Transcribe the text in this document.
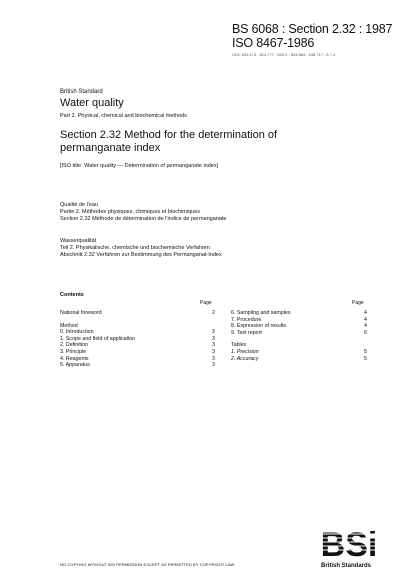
BS 6068 : Section 2.32 : 1987
ISO 8467-1986
UDC 628.1/.3 : 614.777 : 543.3 : 543.864 : 546.717 : 5.?.4
British Standard
Water quality
Part 2. Physical, chemical and biochemical methods
Section 2.32 Method for the determination of
permanganate index
[ISO title: Water quality — Determination of permanganate index]
Qualité de l'eau
Partie 2. Méthodes physiques, chimiques et biochimiques
Section 2.32 Méthode de détermination de l'indice de permanganate
Wasserqualität
Teil 2. Physikalische, chemische und biochemische Verfahren
Abschnitt 2.32 Verfahren zur Bestimmung des Permanganat-Index
Contents
Page	Page
National foreword	2
Method
0. Introduction	3
1. Scope and field of application	3
2. Definition	3
3. Principle	3
4. Reagents	3
5. Apparatus	3
6. Sampling and samples	4
7. Procedure	4
8. Expression of results	4
9. Test report	6
Tables
1. Precision	5
2. Accuracy	5
NO COPYING WITHOUT BSI PERMISSION EXCEPT AS PERMITTED BY COPYRIGHT LAW
BSi
British Standards
